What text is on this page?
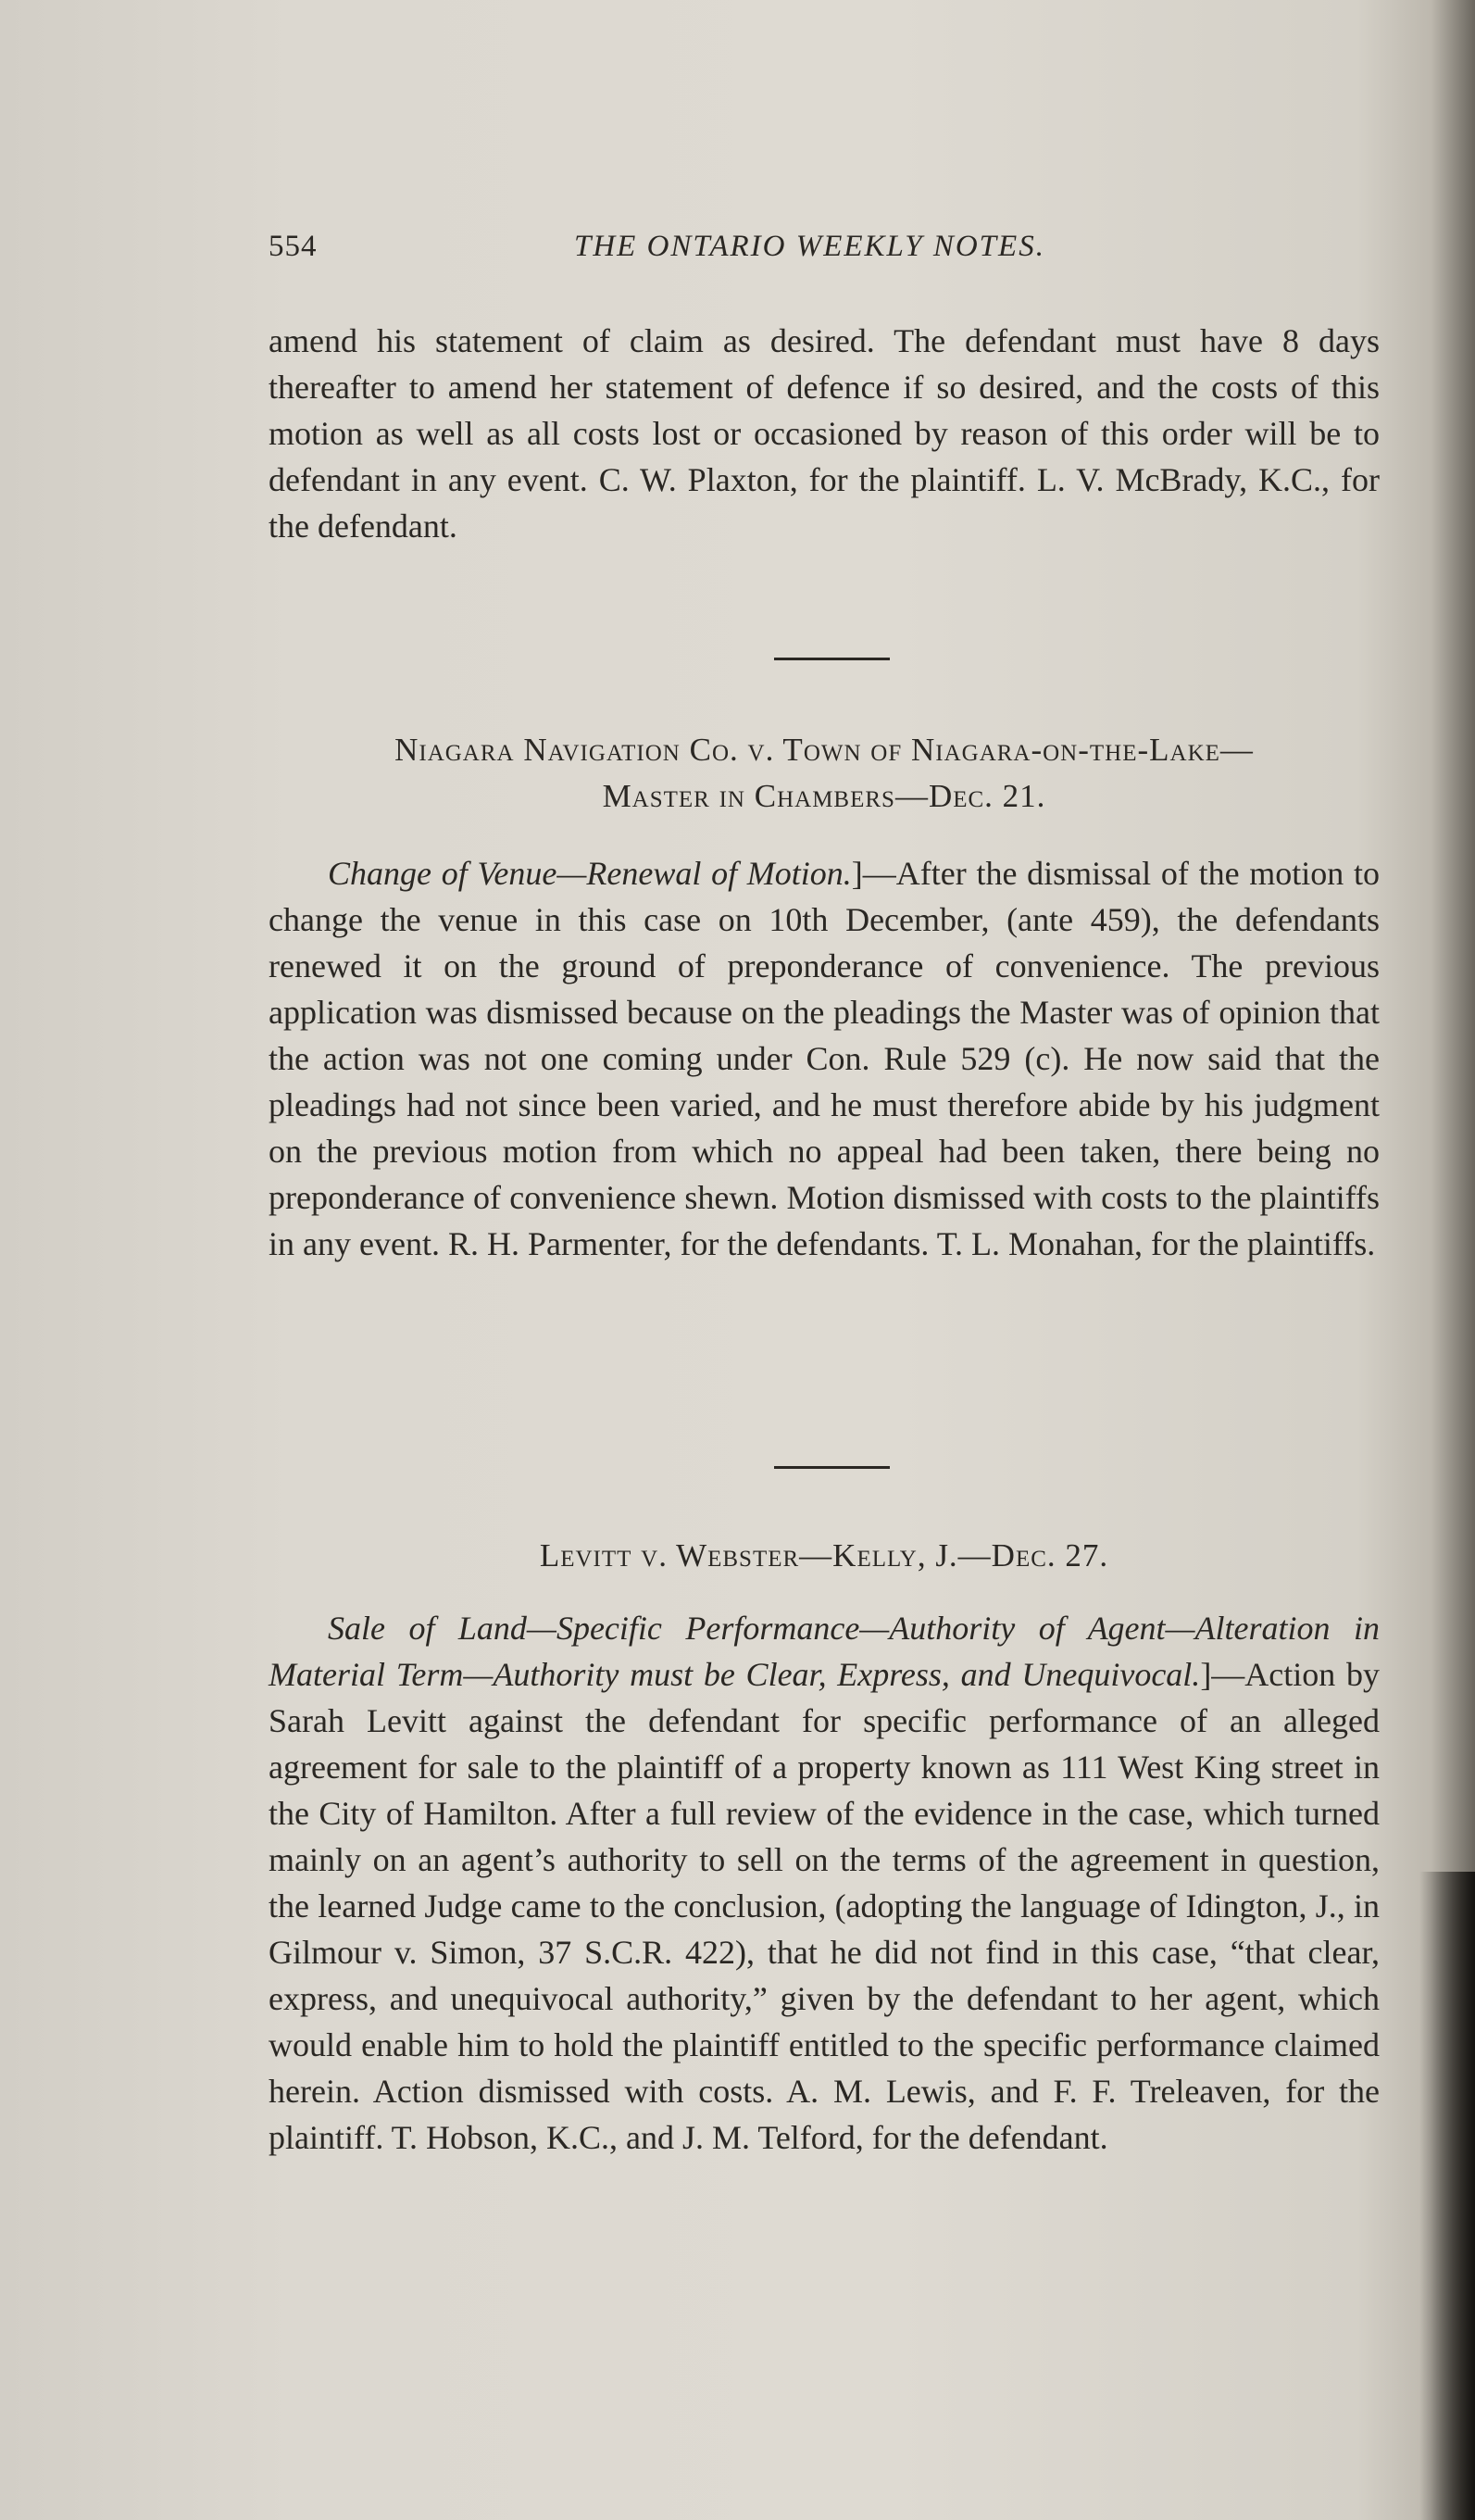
554	THE ONTARIO WEEKLY NOTES.
amend his statement of claim as desired. The defendant must have 8 days thereafter to amend her statement of defence if so desired, and the costs of this motion as well as all costs lost or occasioned by reason of this order will be to defendant in any event. C. W. Plaxton, for the plaintiff. L. V. McBrady, K.C., for the defendant.
Niagara Navigation Co. v. Town of Niagara-on-the-Lake—
Master in Chambers—Dec. 21.
Change of Venue—Renewal of Motion.]—After the dismissal of the motion to change the venue in this case on 10th December, (ante 459), the defendants renewed it on the ground of preponderance of convenience. The previous application was dismissed because on the pleadings the Master was of opinion that the action was not one coming under Con. Rule 529 (c). He now said that the pleadings had not since been varied, and he must therefore abide by his judgment on the previous motion from which no appeal had been taken, there being no preponderance of convenience shewn. Motion dismissed with costs to the plaintiffs in any event. R. H. Parmenter, for the defendants. T. L. Monahan, for the plaintiffs.
Levitt v. Webster—Kelly, J.—Dec. 27.
Sale of Land—Specific Performance—Authority of Agent—Alteration in Material Term—Authority must be Clear, Express, and Unequivocal.]—Action by Sarah Levitt against the defendant for specific performance of an alleged agreement for sale to the plaintiff of a property known as 111 West King street in the City of Hamilton. After a full review of the evidence in the case, which turned mainly on an agent’s authority to sell on the terms of the agreement in question, the learned Judge came to the conclusion, (adopting the language of Idington, J., in Gilmour v. Simon, 37 S.C.R. 422), that he did not find in this case, “that clear, express, and unequivocal authority,” given by the defendant to her agent, which would enable him to hold the plaintiff entitled to the specific performance claimed herein. Action dismissed with costs. A. M. Lewis, and F. F. Treleaven, for the plaintiff. T. Hobson, K.C., and J. M. Telford, for the defendant.
